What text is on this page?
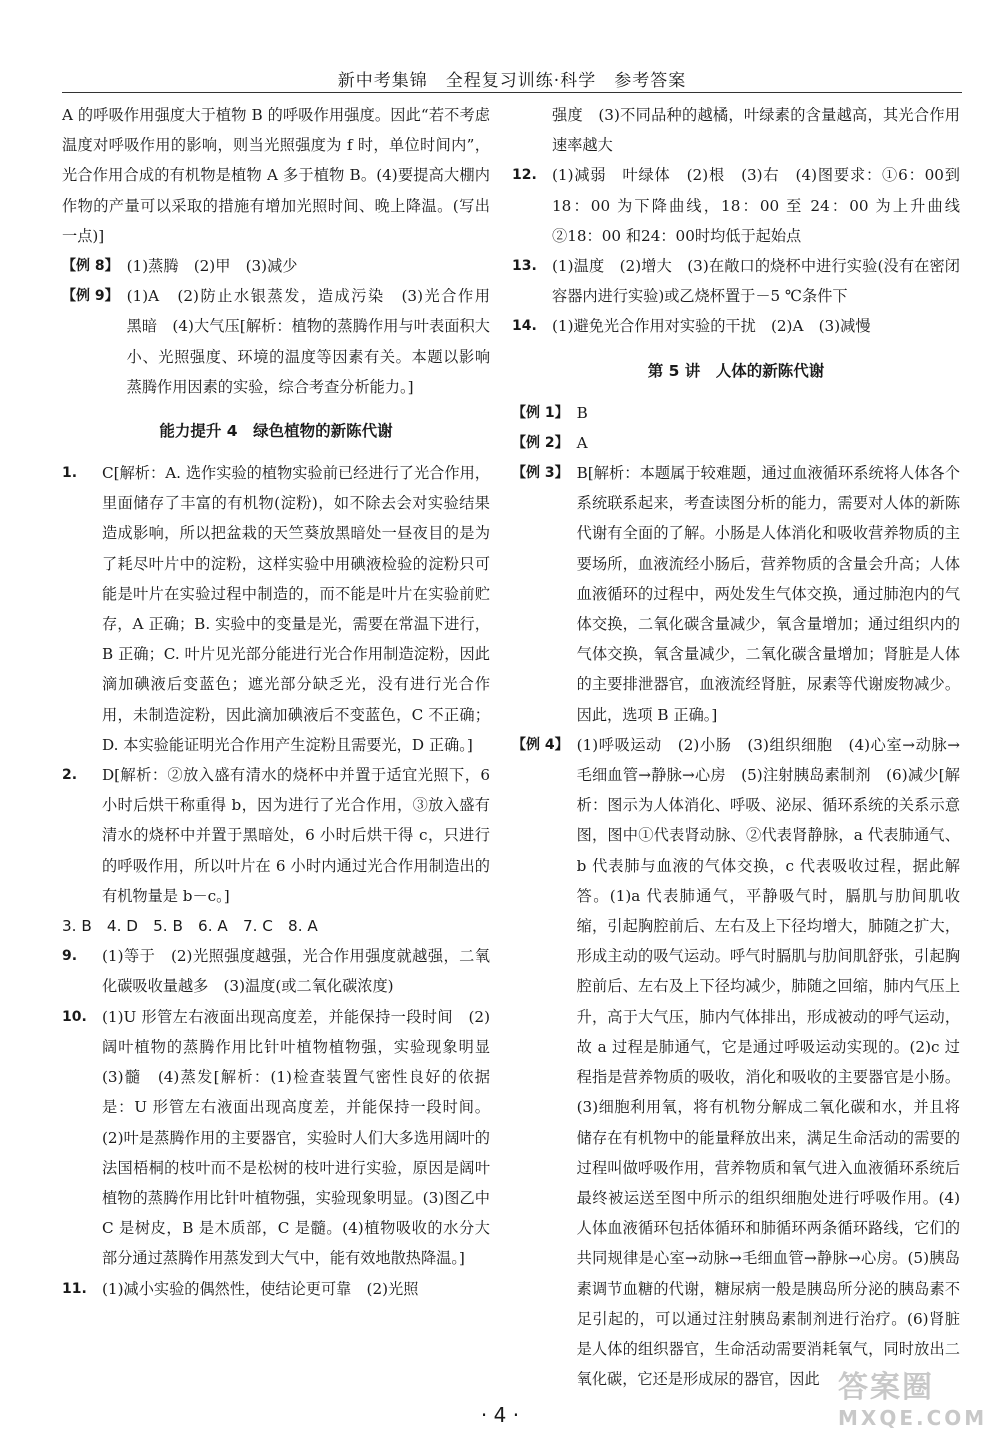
新中考集锦　全程复习训练·科学　参考答案

A 的呼吸作用强度大于植物 B 的呼吸作用强度。因此“若不考虑温度对呼吸作用的影响，则当光照强度为 f 时，单位时间内”，光合作用合成的有机物是植物 A 多于植物 B。(4)要提高大棚内作物的产量可以采取的措施有增加光照时间、晚上降温。(写出一点)]

【例 8】 (1)蒸腾　(2)甲　(3)减少
【例 9】 (1)A　(2)防止水银蒸发，造成污染　(3)光合作用　黑暗　(4)大气压[解析：植物的蒸腾作用与叶表面积大小、光照强度、环境的温度等因素有关。本题以影响蒸腾作用因素的实验，综合考查分析能力。]
能力提升 4　绿色植物的新陈代谢
1.	C[解析：A. 选作实验的植物实验前已经进行了光合作用，里面储存了丰富的有机物(淀粉)，如不除去会对实验结果造成影响，所以把盆栽的天竺葵放黑暗处一昼夜目的是为了耗尽叶片中的淀粉，这样实验中用碘液检验的淀粉只可能是叶片在实验过程中制造的，而不能是叶片在实验前贮存，A 正确；B. 实验中的变量是光，需要在常温下进行，B 正确；C. 叶片见光部分能进行光合作用制造淀粉，因此滴加碘液后变蓝色；遮光部分缺乏光，没有进行光合作用，未制造淀粉，因此滴加碘液后不变蓝色，C 不正确；D. 本实验能证明光合作用产生淀粉且需要光，D 正确。]
2.	D[解析：②放入盛有清水的烧杯中并置于适宜光照下，6 小时后烘干称重得 b，因为进行了光合作用，③放入盛有清水的烧杯中并置于黑暗处，6 小时后烘干得 c，只进行的呼吸作用，所以叶片在 6 小时内通过光合作用制造出的有机物量是 b－c。]
3. B　4. D　5. B　6. A　7. C　8. A
9.	(1)等于　(2)光照强度越强，光合作用强度就越强，二氧化碳吸收量越多　(3)温度(或二氧化碳浓度)
10. (1)U 形管左右液面出现高度差，并能保持一段时间　(2)阔叶植物的蒸腾作用比针叶植物植物强，实验现象明显　(3)髓　(4)蒸发[解析：(1)检查装置气密性良好的依据是：U 形管左右液面出现高度差，并能保持一段时间。(2)叶是蒸腾作用的主要器官，实验时人们大多选用阔叶的法国梧桐的枝叶而不是松树的枝叶进行实验，原因是阔叶植物的蒸腾作用比针叶植物强，实验现象明显。(3)图乙中 C 是树皮，B 是木质部，C 是髓。(4)植物吸收的水分大部分通过蒸腾作用蒸发到大气中，能有效地散热降温。]
11. (1)减小实验的偶然性，使结论更可靠　(2)光照

强度　(3)不同品种的越橘，叶绿素的含量越高，其光合作用速率越大

12. (1)减弱　叶绿体　(2)根　(3)右　(4)图要求：①6：00到 18：00 为下降曲线，18：00 至 24：00 为上升曲线　②18：00 和24：00时均低于起始点
13. (1)温度　(2)增大　(3)在敞口的烧杯中进行实验(没有在密闭容器内进行实验)或乙烧杯置于－5 ℃条件下
14. (1)避免光合作用对实验的干扰　(2)A　(3)减慢
第 5 讲　人体的新陈代谢
【例 1】 B
【例 2】 A
【例 3】 B[解析：本题属于较难题，通过血液循环系统将人体各个系统联系起来，考查读图分析的能力，需要对人体的新陈代谢有全面的了解。小肠是人体消化和吸收营养物质的主要场所，血液流经小肠后，营养物质的含量会升高；人体血液循环的过程中，两处发生气体交换，通过肺泡内的气体交换，二氧化碳含量减少，氧含量增加；通过组织内的气体交换，氧含量减少，二氧化碳含量增加；肾脏是人体的主要排泄器官，血液流经肾脏，尿素等代谢废物减少。因此，选项 B 正确。]
【例 4】 (1)呼吸运动　(2)小肠　(3)组织细胞　(4)心室→动脉→毛细血管→静脉→心房　(5)注射胰岛素制剂　(6)减少[解析：图示为人体消化、呼吸、泌尿、循环系统的关系示意图，图中①代表肾动脉、②代表肾静脉，a 代表肺通气、b 代表肺与血液的气体交换，c 代表吸收过程，据此解答。(1)a 代表肺通气，平静吸气时，膈肌与肋间肌收缩，引起胸腔前后、左右及上下径均增大，肺随之扩大，形成主动的吸气运动。呼气时膈肌与肋间肌舒张，引起胸腔前后、左右及上下径均减少，肺随之回缩，肺内气压上升，高于大气压，肺内气体排出，形成被动的呼气运动，故 a 过程是肺通气，它是通过呼吸运动实现的。(2)c 过程指是营养物质的吸收，消化和吸收的主要器官是小肠。(3)细胞利用氧，将有机物分解成二氧化碳和水，并且将储存在有机物中的能量释放出来，满足生命活动的需要的过程叫做呼吸作用，营养物质和氧气进入血液循环系统后最终被运送至图中所示的组织细胞处进行呼吸作用。(4)人体血液循环包括体循环和肺循环两条循环路线，它们的共同规律是心室→动脉→毛细血管→静脉→心房。(5)胰岛素调节血糖的代谢，糖尿病一般是胰岛所分泌的胰岛素不足引起的，可以通过注射胰岛素制剂进行治疗。(6)肾脏是人体的组织器官，生命活动需要消耗氧气，同时放出二氧化碳，它还是形成尿的器官，因此
· 4 ·
答案圈
MXQE.COM
